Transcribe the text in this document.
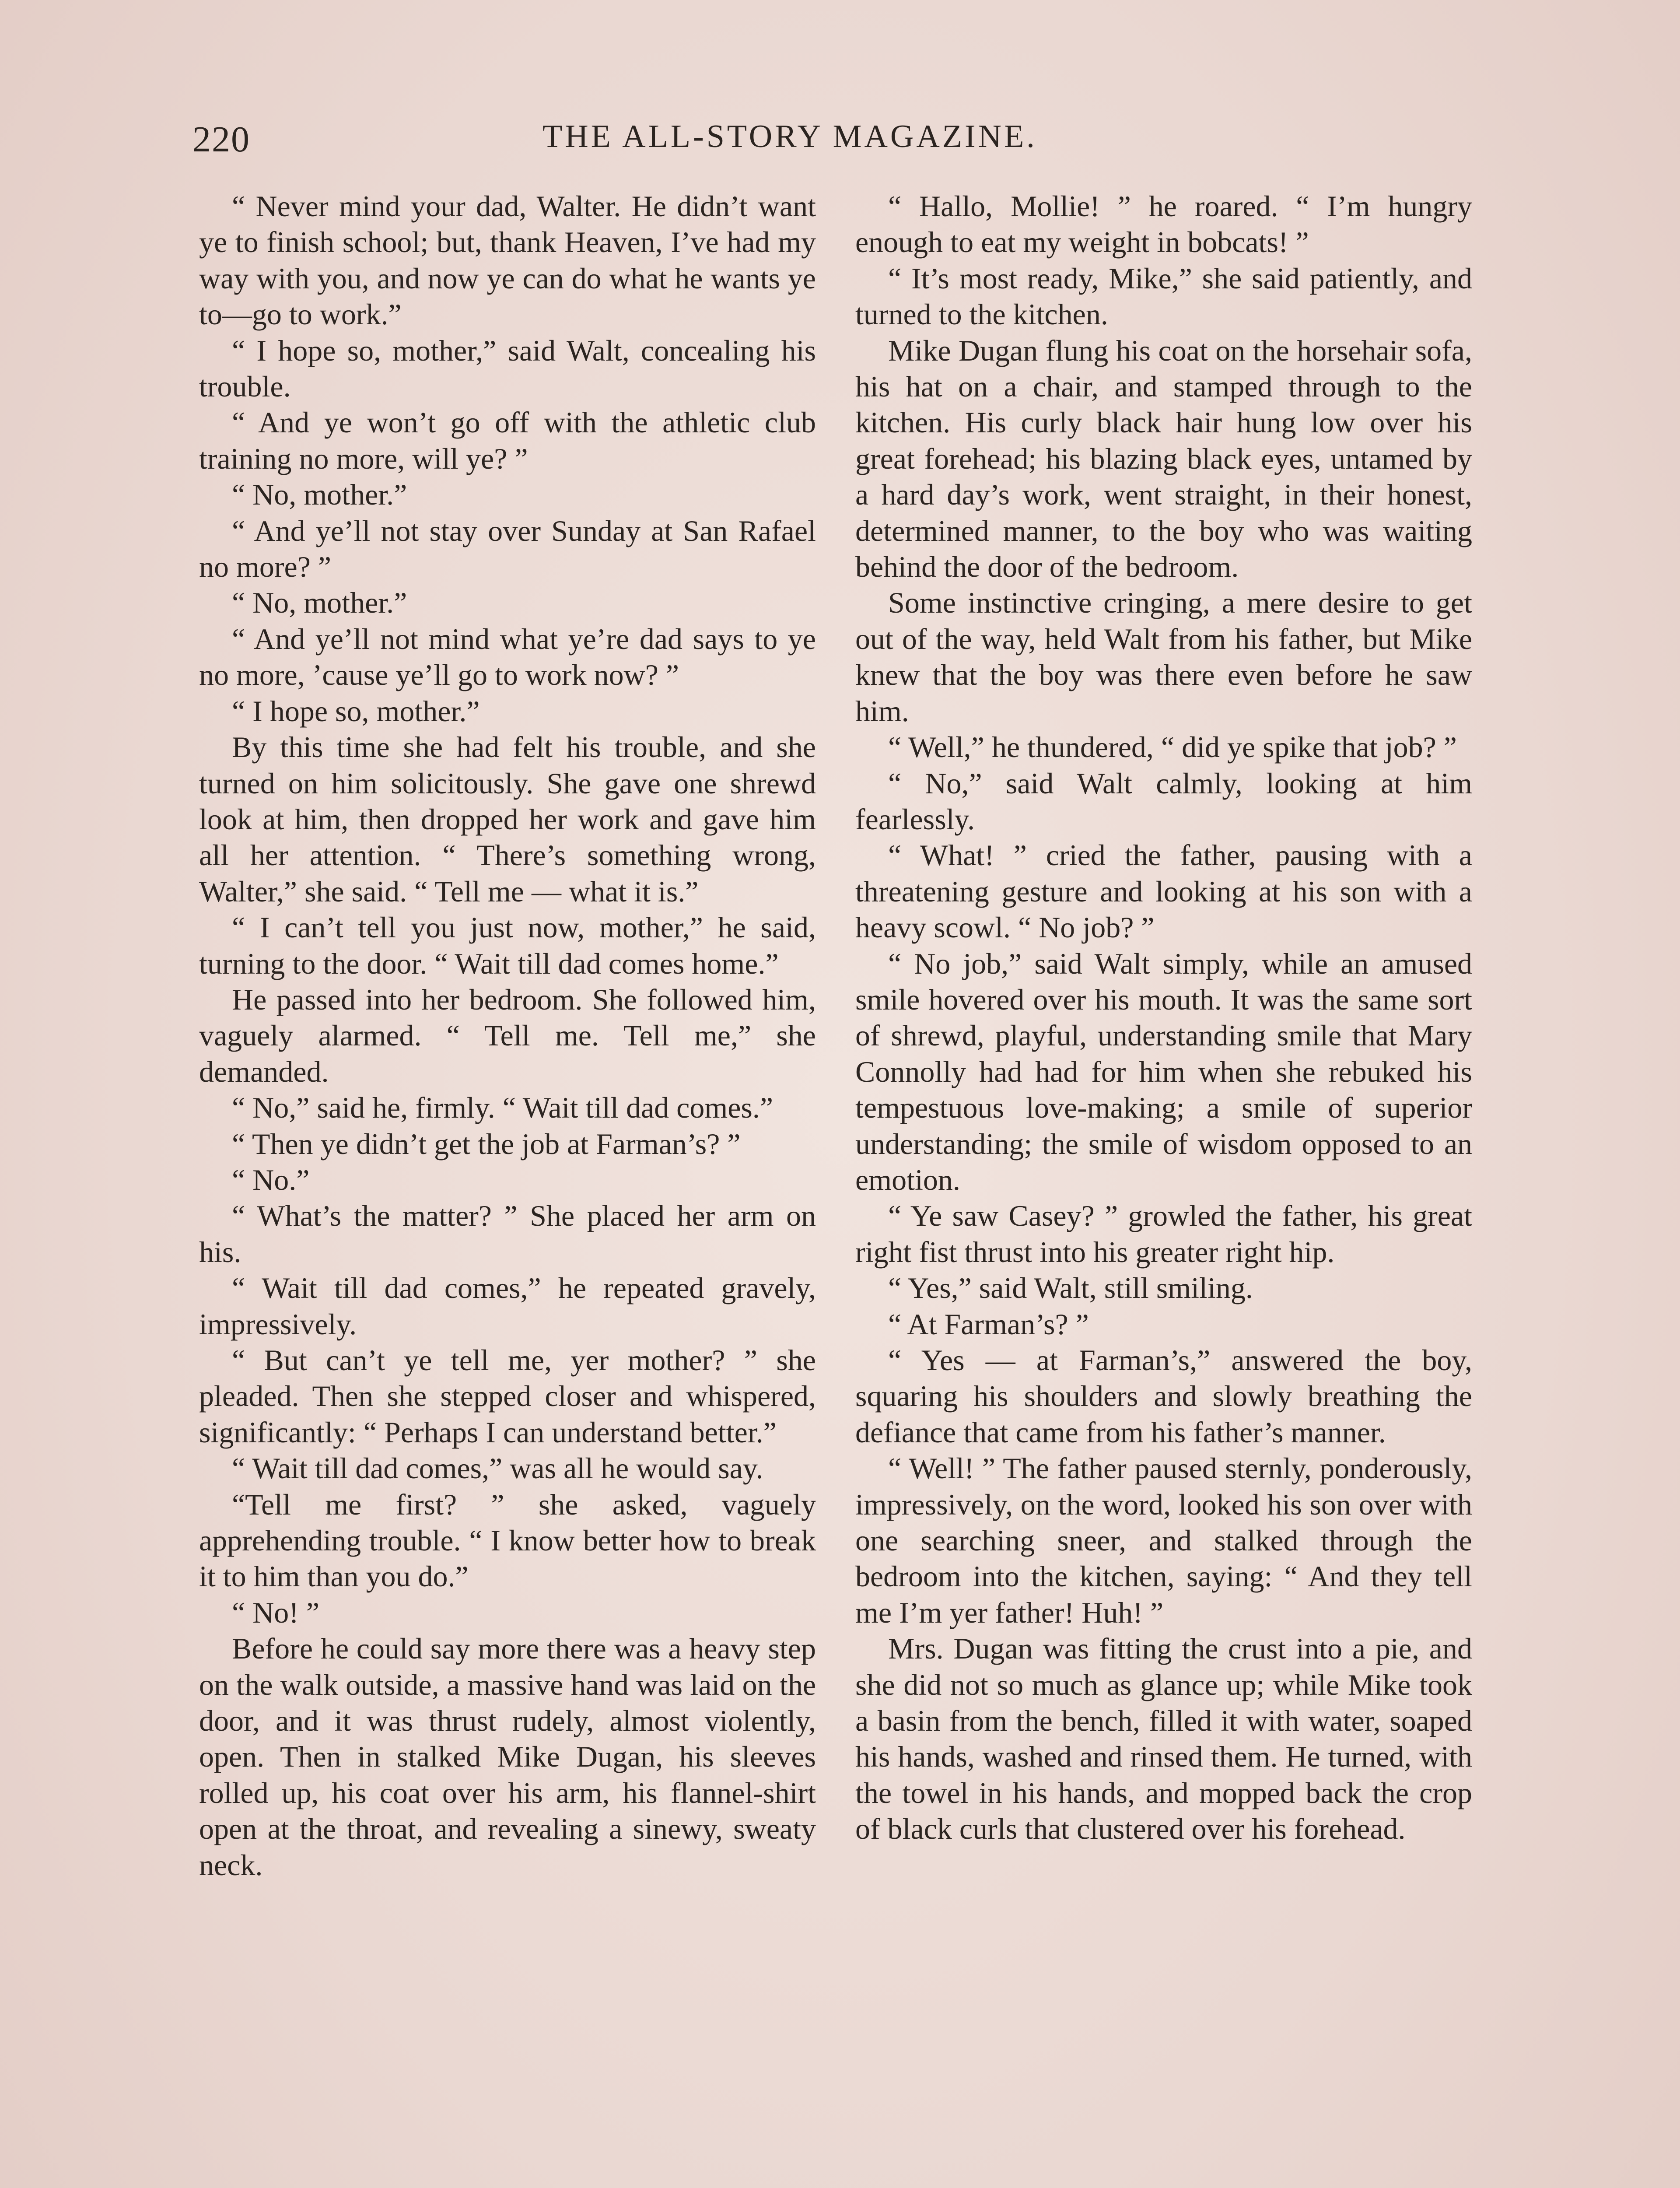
220	THE ALL-STORY MAGAZINE.

“ Never mind your dad, Walter. He didn’t want ye to finish school; but, thank Heaven, I’ve had my way with you, and now ye can do what he wants ye to—go to work.”

“ I hope so, mother,” said Walt, concealing his trouble.

“ And ye won’t go off with the athletic club training no more, will ye? ”

“ No, mother.”

“ And ye’ll not stay over Sunday at San Rafael no more? ”

“ No, mother.”

“ And ye’ll not mind what ye’re dad says to ye no more, ’cause ye’ll go to work now? ”

“ I hope so, mother.”

By this time she had felt his trouble, and she turned on him solicitously. She gave one shrewd look at him, then dropped her work and gave him all her attention. “ There’s something wrong, Walter,” she said. “ Tell me — what it is.”

“ I can’t tell you just now, mother,” he said, turning to the door. “ Wait till dad comes home.”

He passed into her bedroom. She followed him, vaguely alarmed. “ Tell me. Tell me,” she demanded.

“ No,” said he, firmly. “ Wait till dad comes.”

“ Then ye didn’t get the job at Farman’s? ”

“ No.”

“ What’s the matter? ” She placed her arm on his.

“ Wait till dad comes,” he repeated gravely, impressively.

“ But can’t ye tell me, yer mother? ” she pleaded. Then she stepped closer and whispered, significantly: “ Perhaps I can understand better.”

“ Wait till dad comes,” was all he would say.

“Tell me first? ” she asked, vaguely apprehending trouble. “ I know better how to break it to him than you do.”

“ No! ”

Before he could say more there was a heavy step on the walk outside, a massive hand was laid on the door, and it was thrust rudely, almost violently, open. Then in stalked Mike Dugan, his sleeves rolled up, his coat over his arm, his flannel-shirt open at the throat, and revealing a sinewy, sweaty neck.

“ Hallo, Mollie! ” he roared. “ I’m hungry enough to eat my weight in bobcats! ”

“ It’s most ready, Mike,” she said patiently, and turned to the kitchen.

Mike Dugan flung his coat on the horsehair sofa, his hat on a chair, and stamped through to the kitchen. His curly black hair hung low over his great forehead; his blazing black eyes, untamed by a hard day’s work, went straight, in their honest, determined manner, to the boy who was waiting behind the door of the bedroom.

Some instinctive cringing, a mere desire to get out of the way, held Walt from his father, but Mike knew that the boy was there even before he saw him.

“ Well,” he thundered, “ did ye spike that job? ”

“ No,” said Walt calmly, looking at him fearlessly.

“ What! ” cried the father, pausing with a threatening gesture and looking at his son with a heavy scowl. “ No job? ”

“ No job,” said Walt simply, while an amused smile hovered over his mouth. It was the same sort of shrewd, playful, understanding smile that Mary Connolly had had for him when she rebuked his tempestuous love-making; a smile of superior understanding; the smile of wisdom opposed to an emotion.

“ Ye saw Casey? ” growled the father, his great right fist thrust into his greater right hip.

“ Yes,” said Walt, still smiling.

“ At Farman’s? ”

“ Yes — at Farman’s,” answered the boy, squaring his shoulders and slowly breathing the defiance that came from his father’s manner.

“ Well! ” The father paused sternly, ponderously, impressively, on the word, looked his son over with one searching sneer, and stalked through the bedroom into the kitchen, saying: “ And they tell me I’m yer father! Huh! ”

Mrs. Dugan was fitting the crust into a pie, and she did not so much as glance up; while Mike took a basin from the bench, filled it with water, soaped his hands, washed and rinsed them. He turned, with the towel in his hands, and mopped back the crop of black curls that clustered over his forehead.
